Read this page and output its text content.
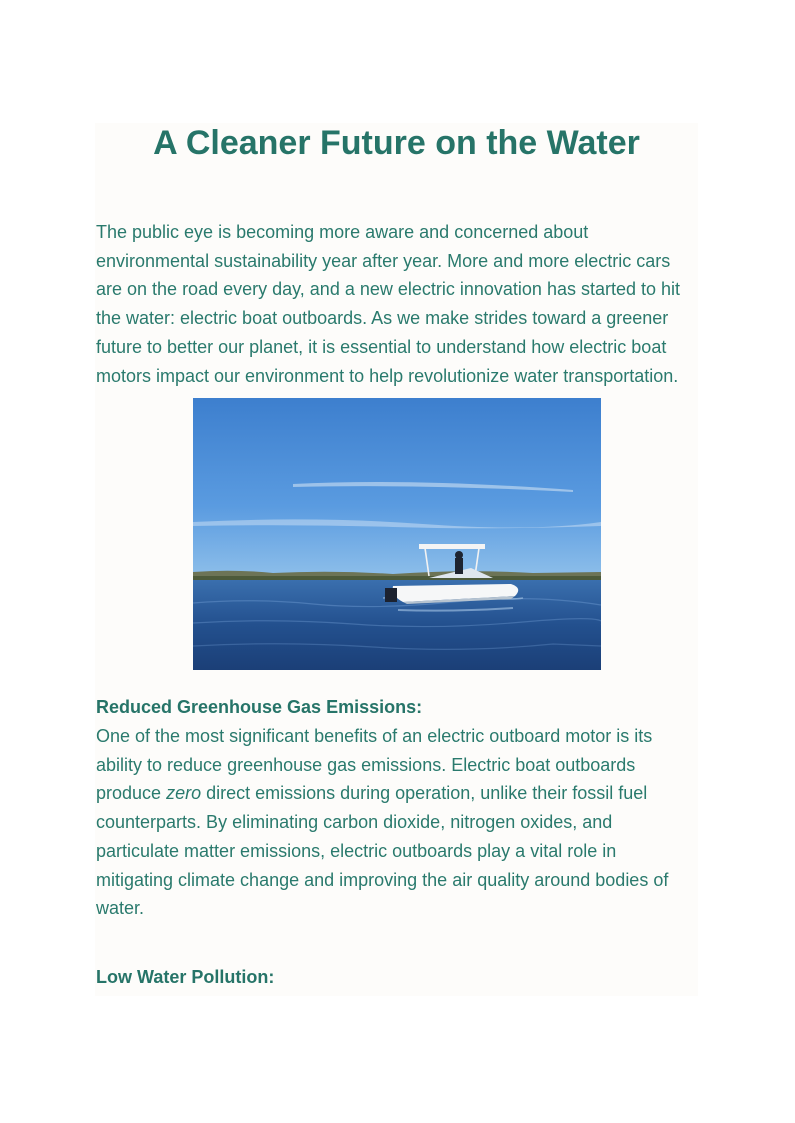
A Cleaner Future on the Water

The public eye is becoming more aware and concerned about environmental sustainability year after year. More and more electric cars are on the road every day, and a new electric innovation has started to hit the water: electric boat outboards. As we make strides toward a greener future to better our planet, it is essential to understand how electric boat motors impact our environment to help revolutionize water transportation.

Reduced Greenhouse Gas Emissions:

One of the most significant benefits of an electric outboard motor is its ability to reduce greenhouse gas emissions. Electric boat outboards produce zero direct emissions during operation, unlike their fossil fuel counterparts. By eliminating carbon dioxide, nitrogen oxides, and particulate matter emissions, electric outboards play a vital role in mitigating climate change and improving the air quality around bodies of water.

Low Water Pollution:
